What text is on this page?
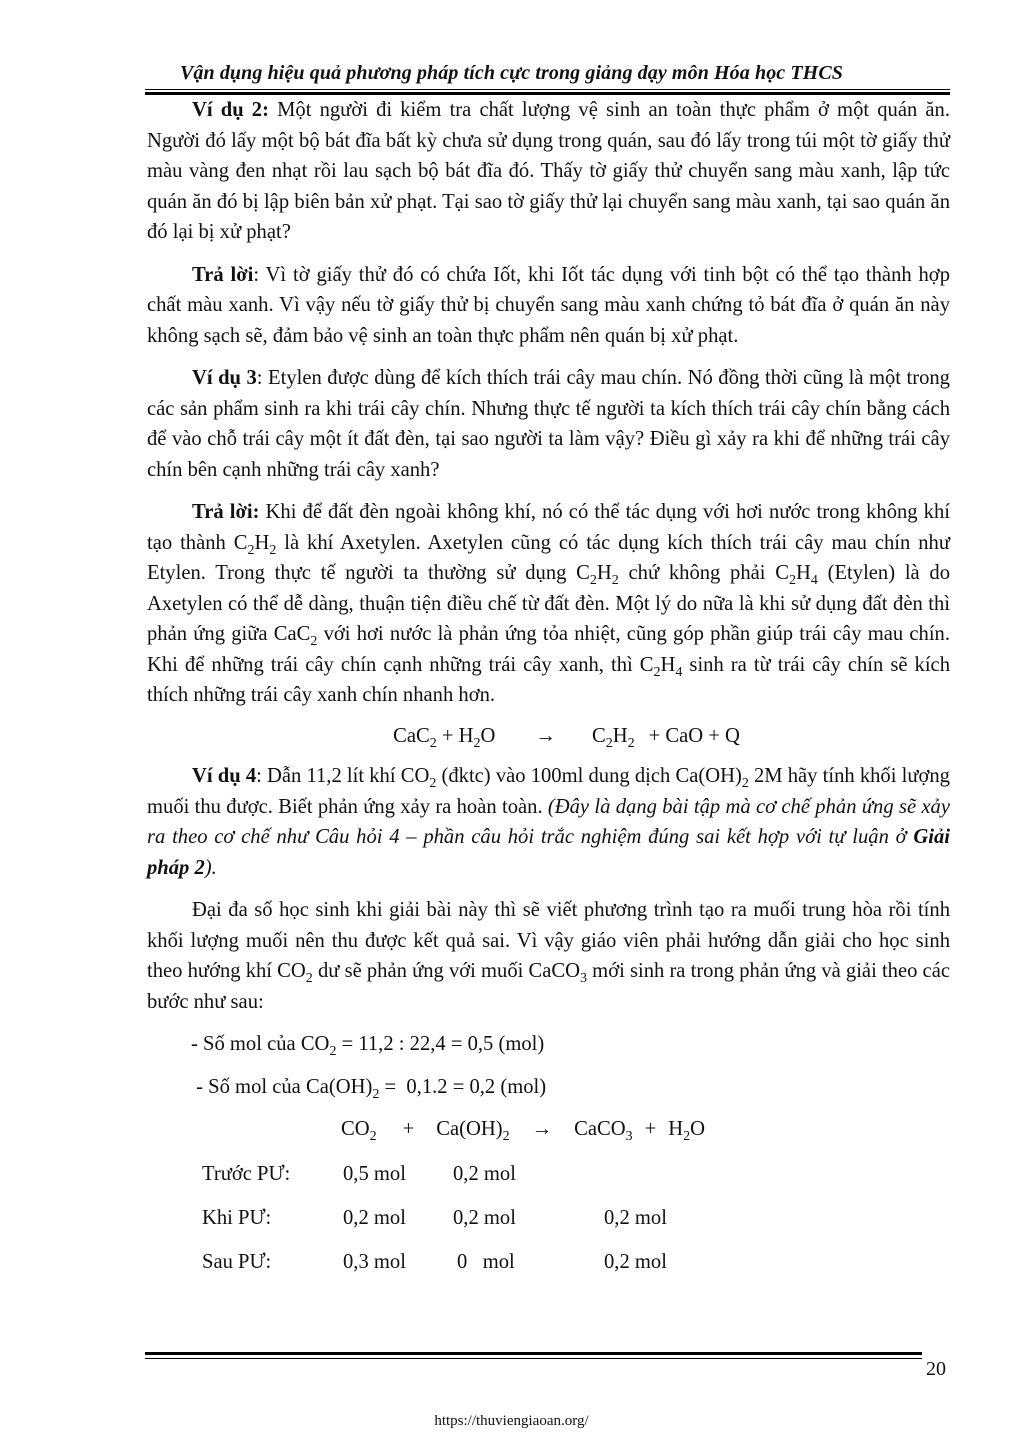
Vận dụng hiệu quả phương pháp tích cực trong giảng dạy môn Hóa học THCS

Ví dụ 2: Một người đi kiểm tra chất lượng vệ sinh an toàn thực phẩm ở một quán ăn. Người đó lấy một bộ bát đĩa bất kỳ chưa sử dụng trong quán, sau đó lấy trong túi một tờ giấy thử màu vàng đen nhạt rồi lau sạch bộ bát đĩa đó. Thấy tờ giấy thử chuyển sang màu xanh, lập tức quán ăn đó bị lập biên bản xử phạt. Tại sao tờ giấy thử lại chuyển sang màu xanh, tại sao quán ăn đó lại bị xử phạt?

Trả lời: Vì tờ giấy thử đó có chứa Iốt, khi Iốt tác dụng với tinh bột có thể tạo thành hợp chất màu xanh. Vì vậy nếu tờ giấy thử bị chuyển sang màu xanh chứng tỏ bát đĩa ở quán ăn này không sạch sẽ, đảm bảo vệ sinh an toàn thực phẩm nên quán bị xử phạt.

Ví dụ 3: Etylen được dùng để kích thích trái cây mau chín. Nó đồng thời cũng là một trong các sản phẩm sinh ra khi trái cây chín. Nhưng thực tế người ta kích thích trái cây chín bằng cách để vào chỗ trái cây một ít đất đèn, tại sao người ta làm vậy? Điều gì xảy ra khi để những trái cây chín bên cạnh những trái cây xanh?

Trả lời: Khi để đất đèn ngoài không khí, nó có thể tác dụng với hơi nước trong không khí tạo thành $C_2H_2$ là khí Axetylen. Axetylen cũng có tác dụng kích thích trái cây mau chín như Etylen. Trong thực tế người ta thường sử dụng $C_2H_2$ chứ không phải $C_2H_4$ (Etylen) là do Axetylen có thể dễ dàng, thuận tiện điều chế từ đất đèn. Một lý do nữa là khi sử dụng đất đèn thì phản ứng giữa CaC$_2$ với hơi nước là phản ứng tỏa nhiệt, cũng góp phần giúp trái cây mau chín. Khi để những trái cây chín cạnh những trái cây xanh, thì $C_2H_4$ sinh ra từ trái cây chín sẽ kích thích những trái cây xanh chín nhanh hơn.

$CaC_2 + H_2O \to C_2H_2$ + CaO + Q

Ví dụ 4: Dẫn 11,2 lít khí $CO_2$ (đktc) vào 100ml dung dịch $Ca(OH)_2$ 2M hãy tính khối lượng muối thu được. Biết phản ứng xảy ra hoàn toàn. (Đây là dạng bài tập mà cơ chế phản ứng sẽ xảy ra theo cơ chế như Câu hỏi 4 – phần câu hỏi trắc nghiệm đúng sai kết hợp với tự luận ở Giải pháp 2).

Đại đa số học sinh khi giải bài này thì sẽ viết phương trình tạo ra muối trung hòa rồi tính khối lượng muối nên thu được kết quả sai. Vì vậy giáo viên phải hướng dẫn giải cho học sinh theo hướng khí $CO_2$ dư sẽ phản ứng với muối CaCO$_3$ mới sinh ra trong phản ứng và giải theo các bước như sau:

- Số mol của $CO_2 = 11,2$ : 22,4 = 0,5 (mol)

- Số mol của $Ca(OH)_2 = 0,1.2 = 0,2$ (mol)

$CO_2 + Ca(OH)_2$ → CaCO$_3$ + $H_2O$

Trước PƯ:	0,5 mol 0,2 mol
Khi PƯ:	0,2 mol 0,2 mol	0,2 mol
Sau PƯ:	0,3 mol 0   mol	0,2 mol
20
https://thuviengiaoan.org/
